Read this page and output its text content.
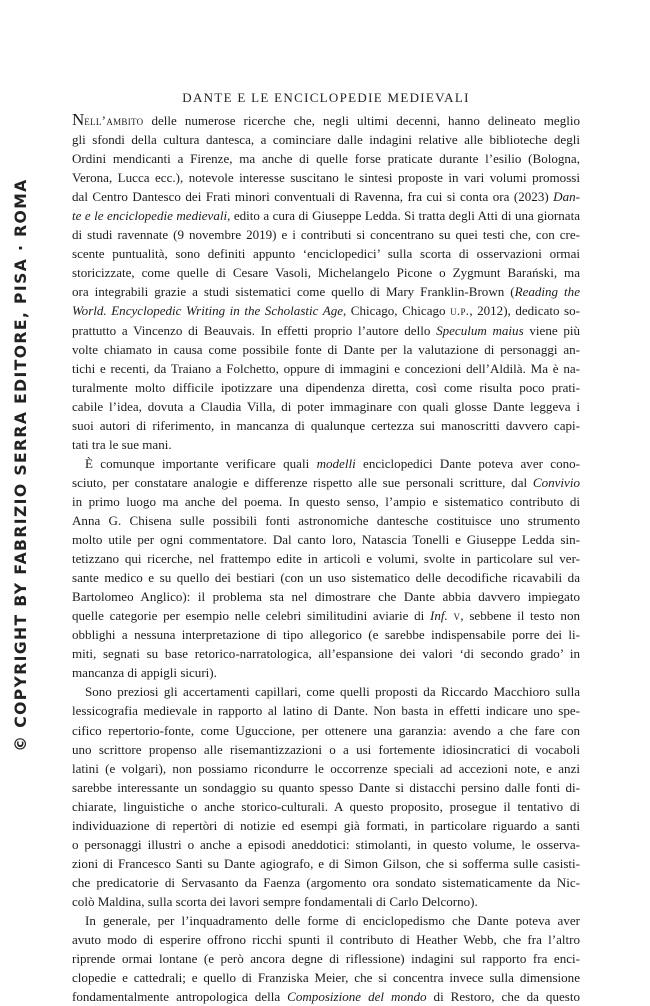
© COPYRIGHT BY FABRIZIO SERRA EDITORE, PISA · ROMA
DANTE E LE ENCICLOPEDIE MEDIEVALI
Nell’ambito delle numerose ricerche che, negli ultimi decenni, hanno delineato meglio
gli sfondi della cultura dantesca, a cominciare dalle indagini relative alle biblioteche degli
Ordini mendicanti a Firenze, ma anche di quelle forse praticate durante l’esilio (Bologna,
Verona, Lucca ecc.), notevole interesse suscitano le sintesi proposte in vari volumi promossi
dal Centro Dantesco dei Frati minori conventuali di Ravenna, fra cui si conta ora (2023) Dan-
te e le enciclopedie medievali, edito a cura di Giuseppe Ledda. Si tratta degli Atti di una giornata
di studi ravennate (9 novembre 2019) e i contributi si concentrano su quei testi che, con cre-
scente puntualità, sono definiti appunto ‘enciclopedici’ sulla scorta di osservazioni ormai
storicizzate, come quelle di Cesare Vasoli, Michelangelo Picone o Zygmunt Barański, ma
ora integrabili grazie a studi sistematici come quello di Mary Franklin-Brown (Reading the
World. Encyclopedic Writing in the Scholastic Age, Chicago, Chicago u.p., 2012), dedicato so-
prattutto a Vincenzo di Beauvais. In effetti proprio l’autore dello Speculum maius viene più
volte chiamato in causa come possibile fonte di Dante per la valutazione di personaggi an-
tichi e recenti, da Traiano a Folchetto, oppure di immagini e concezioni dell’Aldilà. Ma è na-
turalmente molto difficile ipotizzare una dipendenza diretta, così come risulta poco prati-
cabile l’idea, dovuta a Claudia Villa, di poter immaginare con quali glosse Dante leggeva i
suoi autori di riferimento, in mancanza di qualunque certezza sui manoscritti davvero capi-
tati tra le sue mani.
È comunque importante verificare quali modelli enciclopedici Dante poteva aver cono-
sciuto, per constatare analogie e differenze rispetto alle sue personali scritture, dal Convivio
in primo luogo ma anche del poema. In questo senso, l’ampio e sistematico contributo di
Anna G. Chisena sulle possibili fonti astronomiche dantesche costituisce uno strumento
molto utile per ogni commentatore. Dal canto loro, Natascia Tonelli e Giuseppe Ledda sin-
tetizzano qui ricerche, nel frattempo edite in articoli e volumi, svolte in particolare sul ver-
sante medico e su quello dei bestiari (con un uso sistematico delle decodifiche ricavabili da
Bartolomeo Anglico): il problema sta nel dimostrare che Dante abbia davvero impiegato
quelle categorie per esempio nelle celebri similitudini aviarie di Inf. v, sebbene il testo non
obblighi a nessuna interpretazione di tipo allegorico (e sarebbe indispensabile porre dei li-
miti, segnati su base retorico-narratologica, all’espansione dei valori ‘di secondo grado’ in
mancanza di appigli sicuri).
Sono preziosi gli accertamenti capillari, come quelli proposti da Riccardo Macchioro sulla
lessicografia medievale in rapporto al latino di Dante. Non basta in effetti indicare uno spe-
cifico repertorio-fonte, come Uguccione, per ottenere una garanzia: avendo a che fare con
uno scrittore propenso alle risemantizzazioni o a usi fortemente idiosincratici di vocaboli
latini (e volgari), non possiamo ricondurre le occorrenze speciali ad accezioni note, e anzi
sarebbe interessante un sondaggio su quanto spesso Dante si distacchi persino dalle fonti di-
chiarate, linguistiche o anche storico-culturali. A questo proposito, prosegue il tentativo di
individuazione di repertòri di notizie ed esempi già formati, in particolare riguardo a santi
o personaggi illustri o anche a episodi aneddotici: stimolanti, in questo volume, le osserva-
zioni di Francesco Santi su Dante agiografo, e di Simon Gilson, che si sofferma sulle casisti-
che predicatorie di Servasanto da Faenza (argomento ora sondato sistematicamente da Nic-
colò Maldina, sulla scorta dei lavori sempre fondamentali di Carlo Delcorno).
In generale, per l’inquadramento delle forme di enciclopedismo che Dante poteva aver
avuto modo di esperire offrono ricchi spunti il contributo di Heather Webb, che fra l’altro
riprende ormai lontane (e però ancora degne di riflessione) indagini sul rapporto fra enci-
clopedie e cattedrali; e quello di Franziska Meier, che si concentra invece sulla dimensione
fondamentalmente antropologica della Composizione del mondo di Restoro, che da questo
